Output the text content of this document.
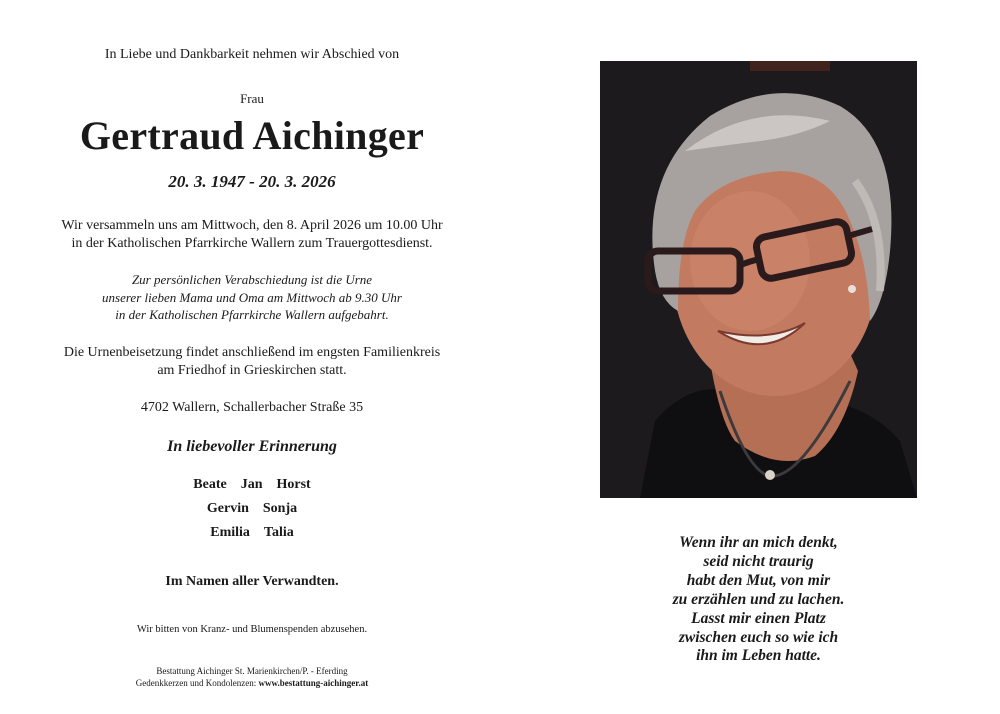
In Liebe und Dankbarkeit nehmen wir Abschied von
Frau
Gertraud Aichinger
20. 3. 1947 - 20. 3. 2026
Wir versammeln uns am Mittwoch, den 8. April 2026 um 10.00 Uhr
in der Katholischen Pfarrkirche Wallern zum Trauergottesdienst.
Zur persönlichen Verabschiedung ist die Urne
unserer lieben Mama und Oma am Mittwoch ab 9.30 Uhr
in der Katholischen Pfarrkirche Wallern aufgebahrt.
Die Urnenbeisetzung findet anschließend im engsten Familienkreis
am Friedhof in Grieskirchen statt.
4702 Wallern, Schallerbacher Straße 35
In liebevoller Erinnerung
Beate Jan Horst
Gervin Sonja
Emilia Talia
Im Namen aller Verwandten.
Wir bitten von Kranz- und Blumenspenden abzusehen.
Bestattung Aichinger St. Marienkirchen/P. - Eferding
Gedenkkerzen und Kondolenzen: www.bestattung-aichinger.at
Wenn ihr an mich denkt,
seid nicht traurig
habt den Mut, von mir
zu erzählen und zu lachen.
Lasst mir einen Platz
zwischen euch so wie ich
ihn im Leben hatte.
